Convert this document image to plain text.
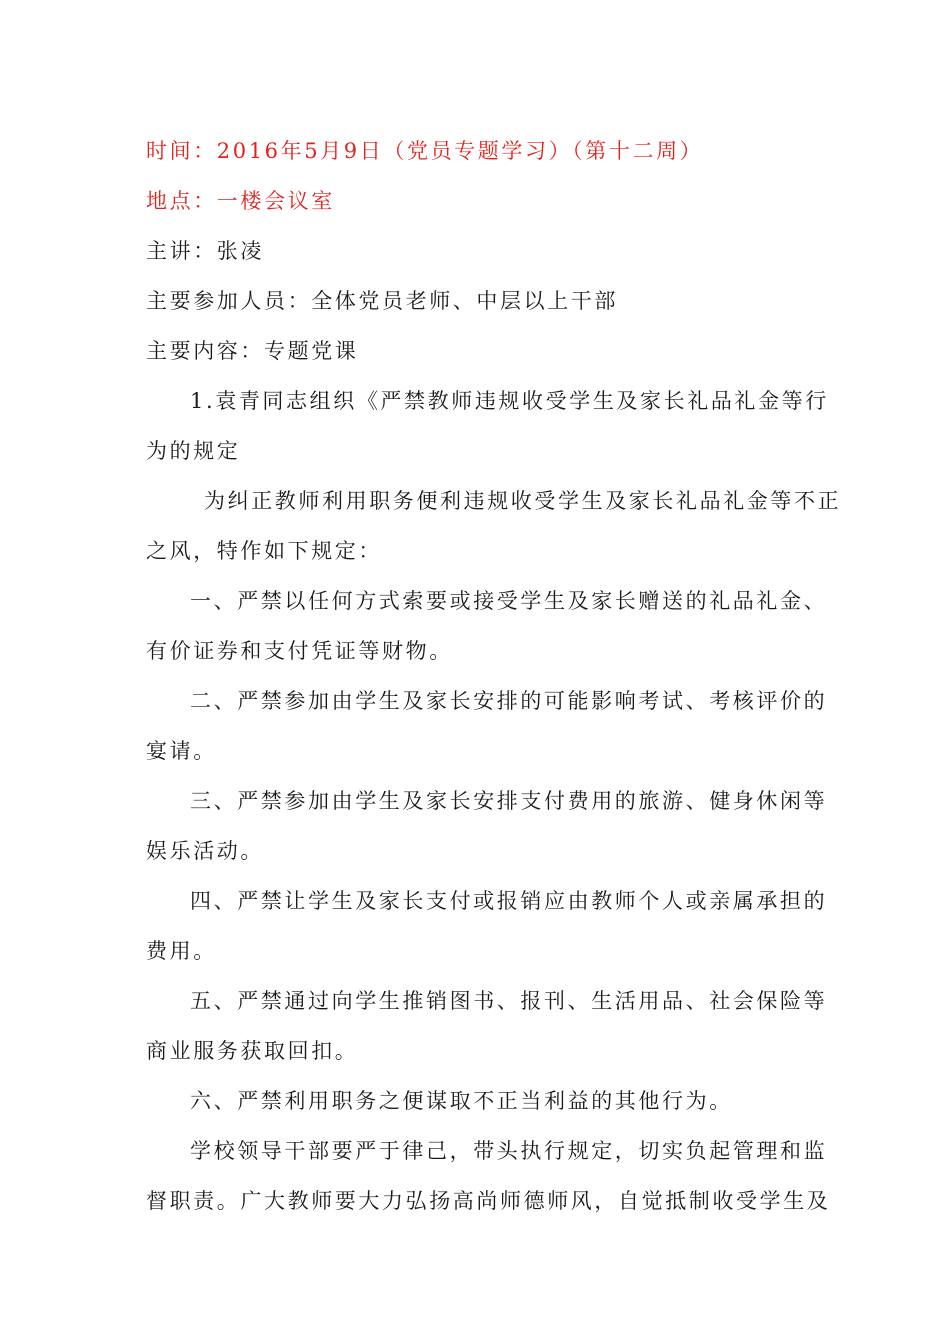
时间：2016年5月9日（党员专题学习）（第十二周）
地点：一楼会议室
主讲：张凌
主要参加人员：全体党员老师、中层以上干部
主要内容：专题党课
1.袁青同志组织《严禁教师违规收受学生及家长礼品礼金等行
为的规定
为纠正教师利用职务便利违规收受学生及家长礼品礼金等不正
之风，特作如下规定：
一、严禁以任何方式索要或接受学生及家长赠送的礼品礼金、
有价证券和支付凭证等财物。
二、严禁参加由学生及家长安排的可能影响考试、考核评价的
宴请。
三、严禁参加由学生及家长安排支付费用的旅游、健身休闲等
娱乐活动。
四、严禁让学生及家长支付或报销应由教师个人或亲属承担的
费用。
五、严禁通过向学生推销图书、报刊、生活用品、社会保险等
商业服务获取回扣。
六、严禁利用职务之便谋取不正当利益的其他行为。
学校领导干部要严于律己，带头执行规定，切实负起管理和监
督职责。广大教师要大力弘扬高尚师德师风，自觉抵制收受学生及
